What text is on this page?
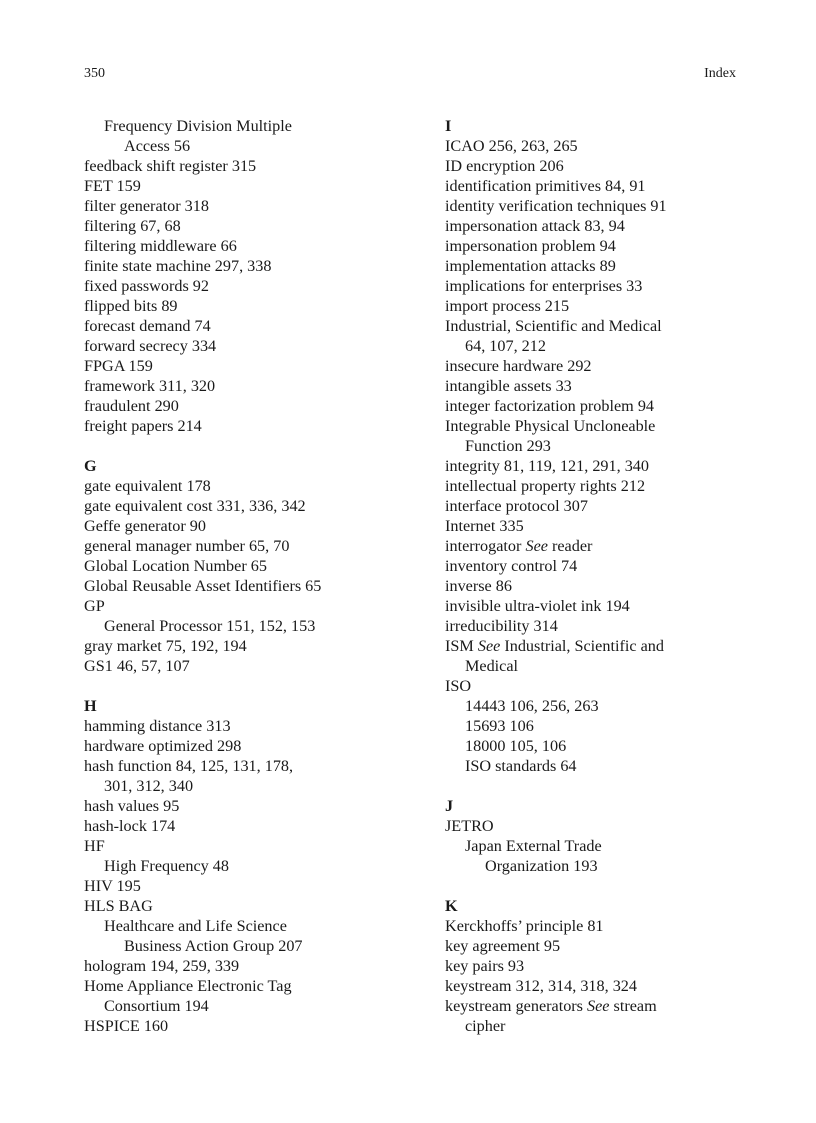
350	Index
Frequency Division Multiple
Access 56
feedback shift register 315
FET 159
filter generator 318
filtering 67, 68
filtering middleware 66
finite state machine 297, 338
fixed passwords 92
flipped bits 89
forecast demand 74
forward secrecy 334
FPGA 159
framework 311, 320
fraudulent 290
freight papers 214
G
gate equivalent 178
gate equivalent cost 331, 336, 342
Geffe generator 90
general manager number 65, 70
Global Location Number 65
Global Reusable Asset Identifiers 65
GP
General Processor 151, 152, 153
gray market 75, 192, 194
GS1 46, 57, 107
H
hamming distance 313
hardware optimized 298
hash function 84, 125, 131, 178,
301, 312, 340
hash values 95
hash-lock 174
HF
High Frequency 48
HIV 195
HLS BAG
Healthcare and Life Science
Business Action Group 207
hologram 194, 259, 339
Home Appliance Electronic Tag
Consortium 194
HSPICE 160
I
ICAO 256, 263, 265
ID encryption 206
identification primitives 84, 91
identity verification techniques 91
impersonation attack 83, 94
impersonation problem 94
implementation attacks 89
implications for enterprises 33
import process 215
Industrial, Scientific and Medical
64, 107, 212
insecure hardware 292
intangible assets 33
integer factorization problem 94
Integrable Physical Uncloneable
Function 293
integrity 81, 119, 121, 291, 340
intellectual property rights 212
interface protocol 307
Internet 335
interrogator See reader
inventory control 74
inverse 86
invisible ultra-violet ink 194
irreducibility 314
ISM See Industrial, Scientific and
Medical
ISO
14443 106, 256, 263
15693 106
18000 105, 106
ISO standards 64
J
JETRO
Japan External Trade
Organization 193
K
Kerckhoffs’ principle 81
key agreement 95
key pairs 93
keystream 312, 314, 318, 324
keystream generators See stream
cipher
